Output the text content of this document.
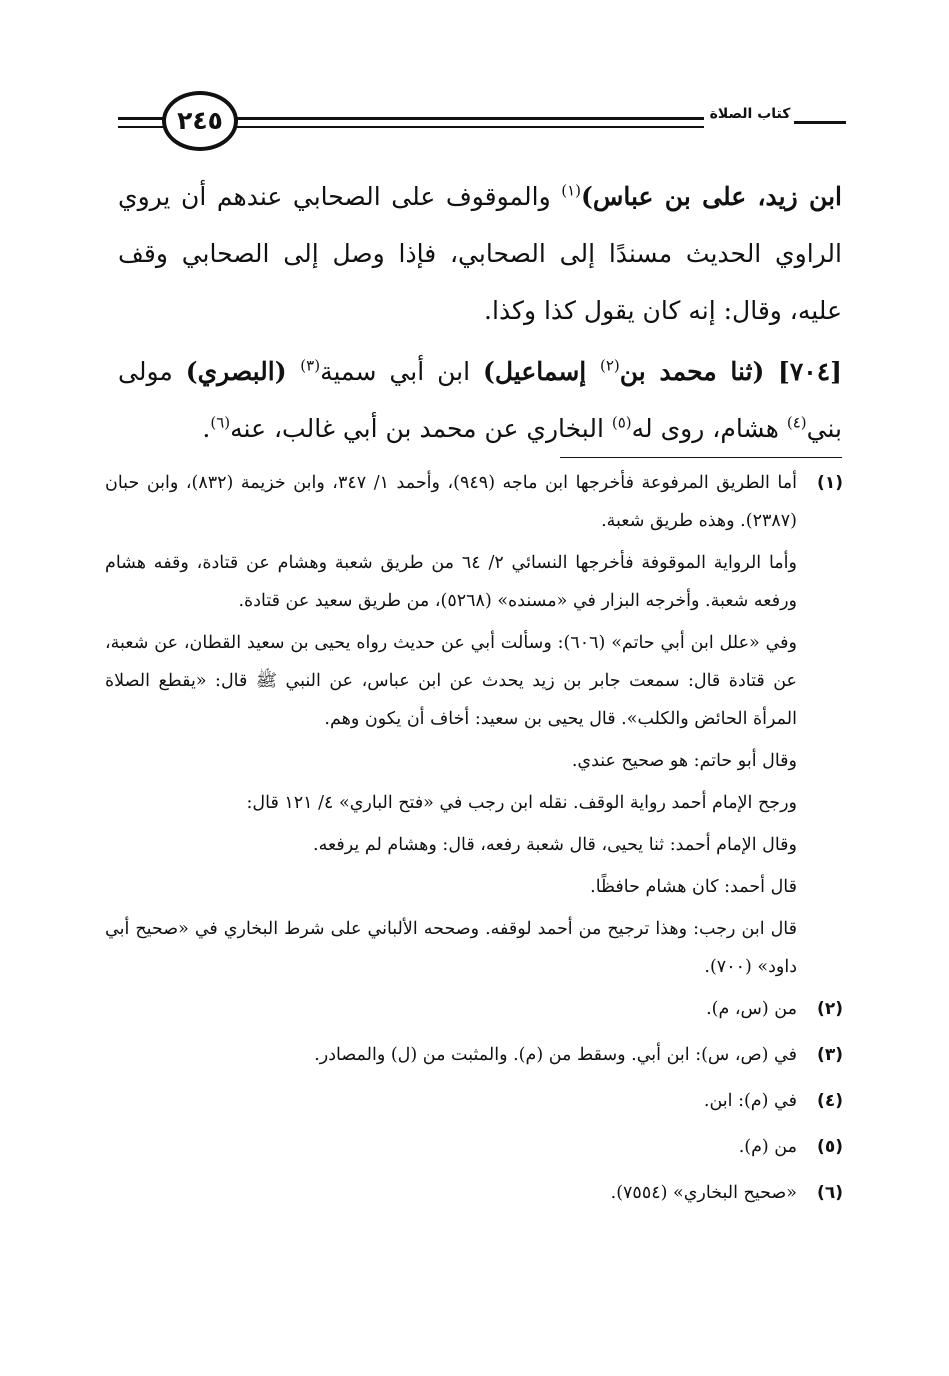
٢٤٥	كتاب الصلاة

ابن زيد، على بن عباس)$^{(١)}$ والموقوف على الصحابي عندهم أن يروي الراوي الحديث مسندًا إلى الصحابي، فإذا وصل إلى الصحابي وقف عليه، وقال: إنه كان يقول كذا وكذا.

[٧٠٤] (ثنا محمد بن$^{(٢)}$ إسماعيل) ابن أبي سمية$^{(٣)}$ (البصري) مولى بني$^{(٤)}$ هشام، روى له$^{(٥)}$ البخاري عن محمد بن أبي غالب، عنه$^{(٦)}$.

(١)

أما الطريق المرفوعة فأخرجها ابن ماجه (٩٤٩)، وأحمد ١/ ٣٤٧، وابن خزيمة (٨٣٢)، وابن حبان (٢٣٨٧). وهذه طريق شعبة.

وأما الرواية الموقوفة فأخرجها النسائي ٢/ ٦٤ من طريق شعبة وهشام عن قتادة، وقفه هشام ورفعه شعبة. وأخرجه البزار في «مسنده» (٥٢٦٨)، من طريق سعيد عن قتادة.

وفي «علل ابن أبي حاتم» (٦٠٦): وسألت أبي عن حديث رواه يحيى بن سعيد القطان، عن شعبة، عن قتادة قال: سمعت جابر بن زيد يحدث عن ابن عباس، عن النبي ﷺ قال: «يقطع الصلاة المرأة الحائض والكلب». قال يحيى بن سعيد: أخاف أن يكون وهم.

وقال أبو حاتم: هو صحيح عندي.

ورجح الإمام أحمد رواية الوقف. نقله ابن رجب في «فتح الباري» ٤/ ١٢١ قال:

وقال الإمام أحمد: ثنا يحيى، قال شعبة رفعه، قال: وهشام لم يرفعه.

قال أحمد: كان هشام حافظًا.

قال ابن رجب: وهذا ترجيح من أحمد لوقفه. وصححه الألباني على شرط البخاري في «صحيح أبي داود» (٧٠٠).

(٢)

من (س، م).

(٣)

في (ص، س): ابن أبي. وسقط من (م). والمثبت من (ل) والمصادر.

(٤)

في (م): ابن.

(٥)

من (م).

(٦)

«صحيح البخاري» (٧٥٥٤).
